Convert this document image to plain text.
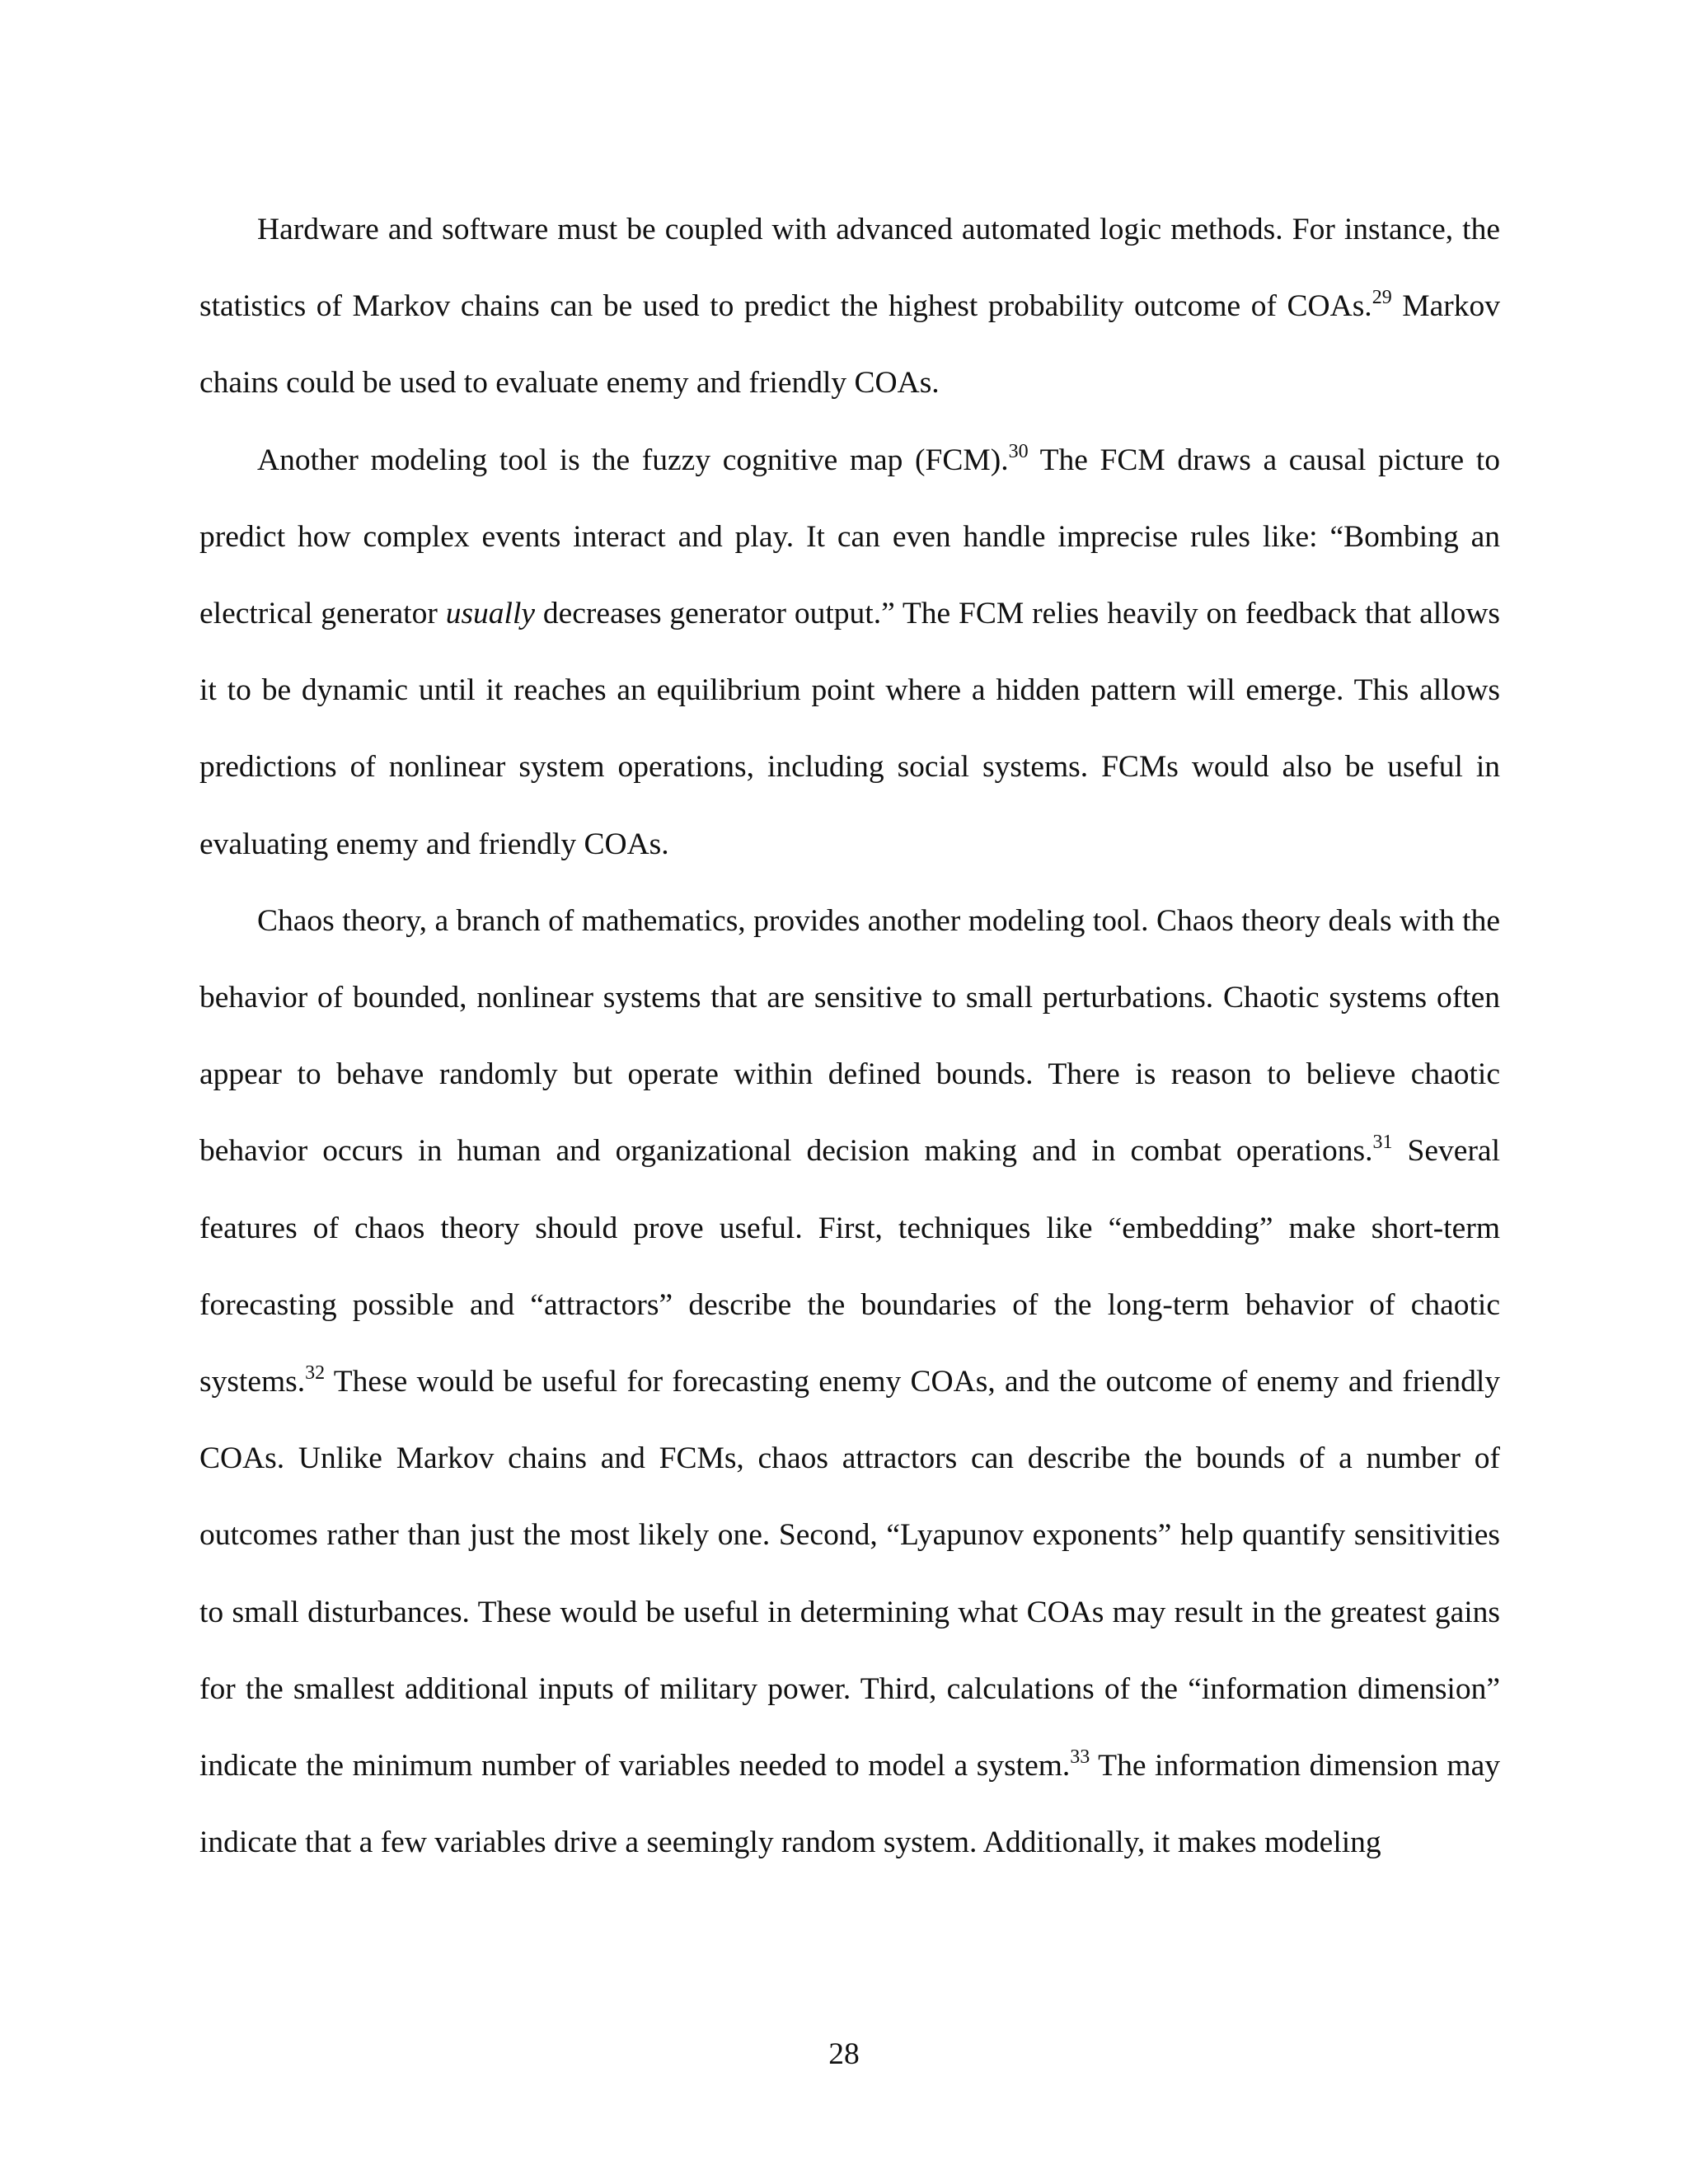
Hardware and software must be coupled with advanced automated logic methods. For instance, the statistics of Markov chains can be used to predict the highest probability outcome of COAs.$^{29}$ Markov chains could be used to evaluate enemy and friendly COAs.

Another modeling tool is the fuzzy cognitive map (FCM).$^{30}$ The FCM draws a causal picture to predict how complex events interact and play. It can even handle imprecise rules like: “Bombing an electrical generator usually decreases generator output.” The FCM relies heavily on feedback that allows it to be dynamic until it reaches an equilibrium point where a hidden pattern will emerge. This allows predictions of nonlinear system operations, including social systems. FCMs would also be useful in evaluating enemy and friendly COAs.

Chaos theory, a branch of mathematics, provides another modeling tool. Chaos theory deals with the behavior of bounded, nonlinear systems that are sensitive to small perturbations. Chaotic systems often appear to behave randomly but operate within defined bounds. There is reason to believe chaotic behavior occurs in human and organizational decision making and in combat operations.$^{31}$ Several features of chaos theory should prove useful. First, techniques like “embedding” make short-term forecasting possible and “attractors” describe the boundaries of the long-term behavior of chaotic systems.$^{32}$ These would be useful for forecasting enemy COAs, and the outcome of enemy and friendly COAs. Unlike Markov chains and FCMs, chaos attractors can describe the bounds of a number of outcomes rather than just the most likely one. Second, “Lyapunov exponents” help quantify sensitivities to small disturbances. These would be useful in determining what COAs may result in the greatest gains for the smallest additional inputs of military power. Third, calculations of the “information dimension” indicate the minimum number of variables needed to model a system.$^{33}$ The information dimension may indicate that a few variables drive a seemingly random system. Additionally, it makes modeling

28
